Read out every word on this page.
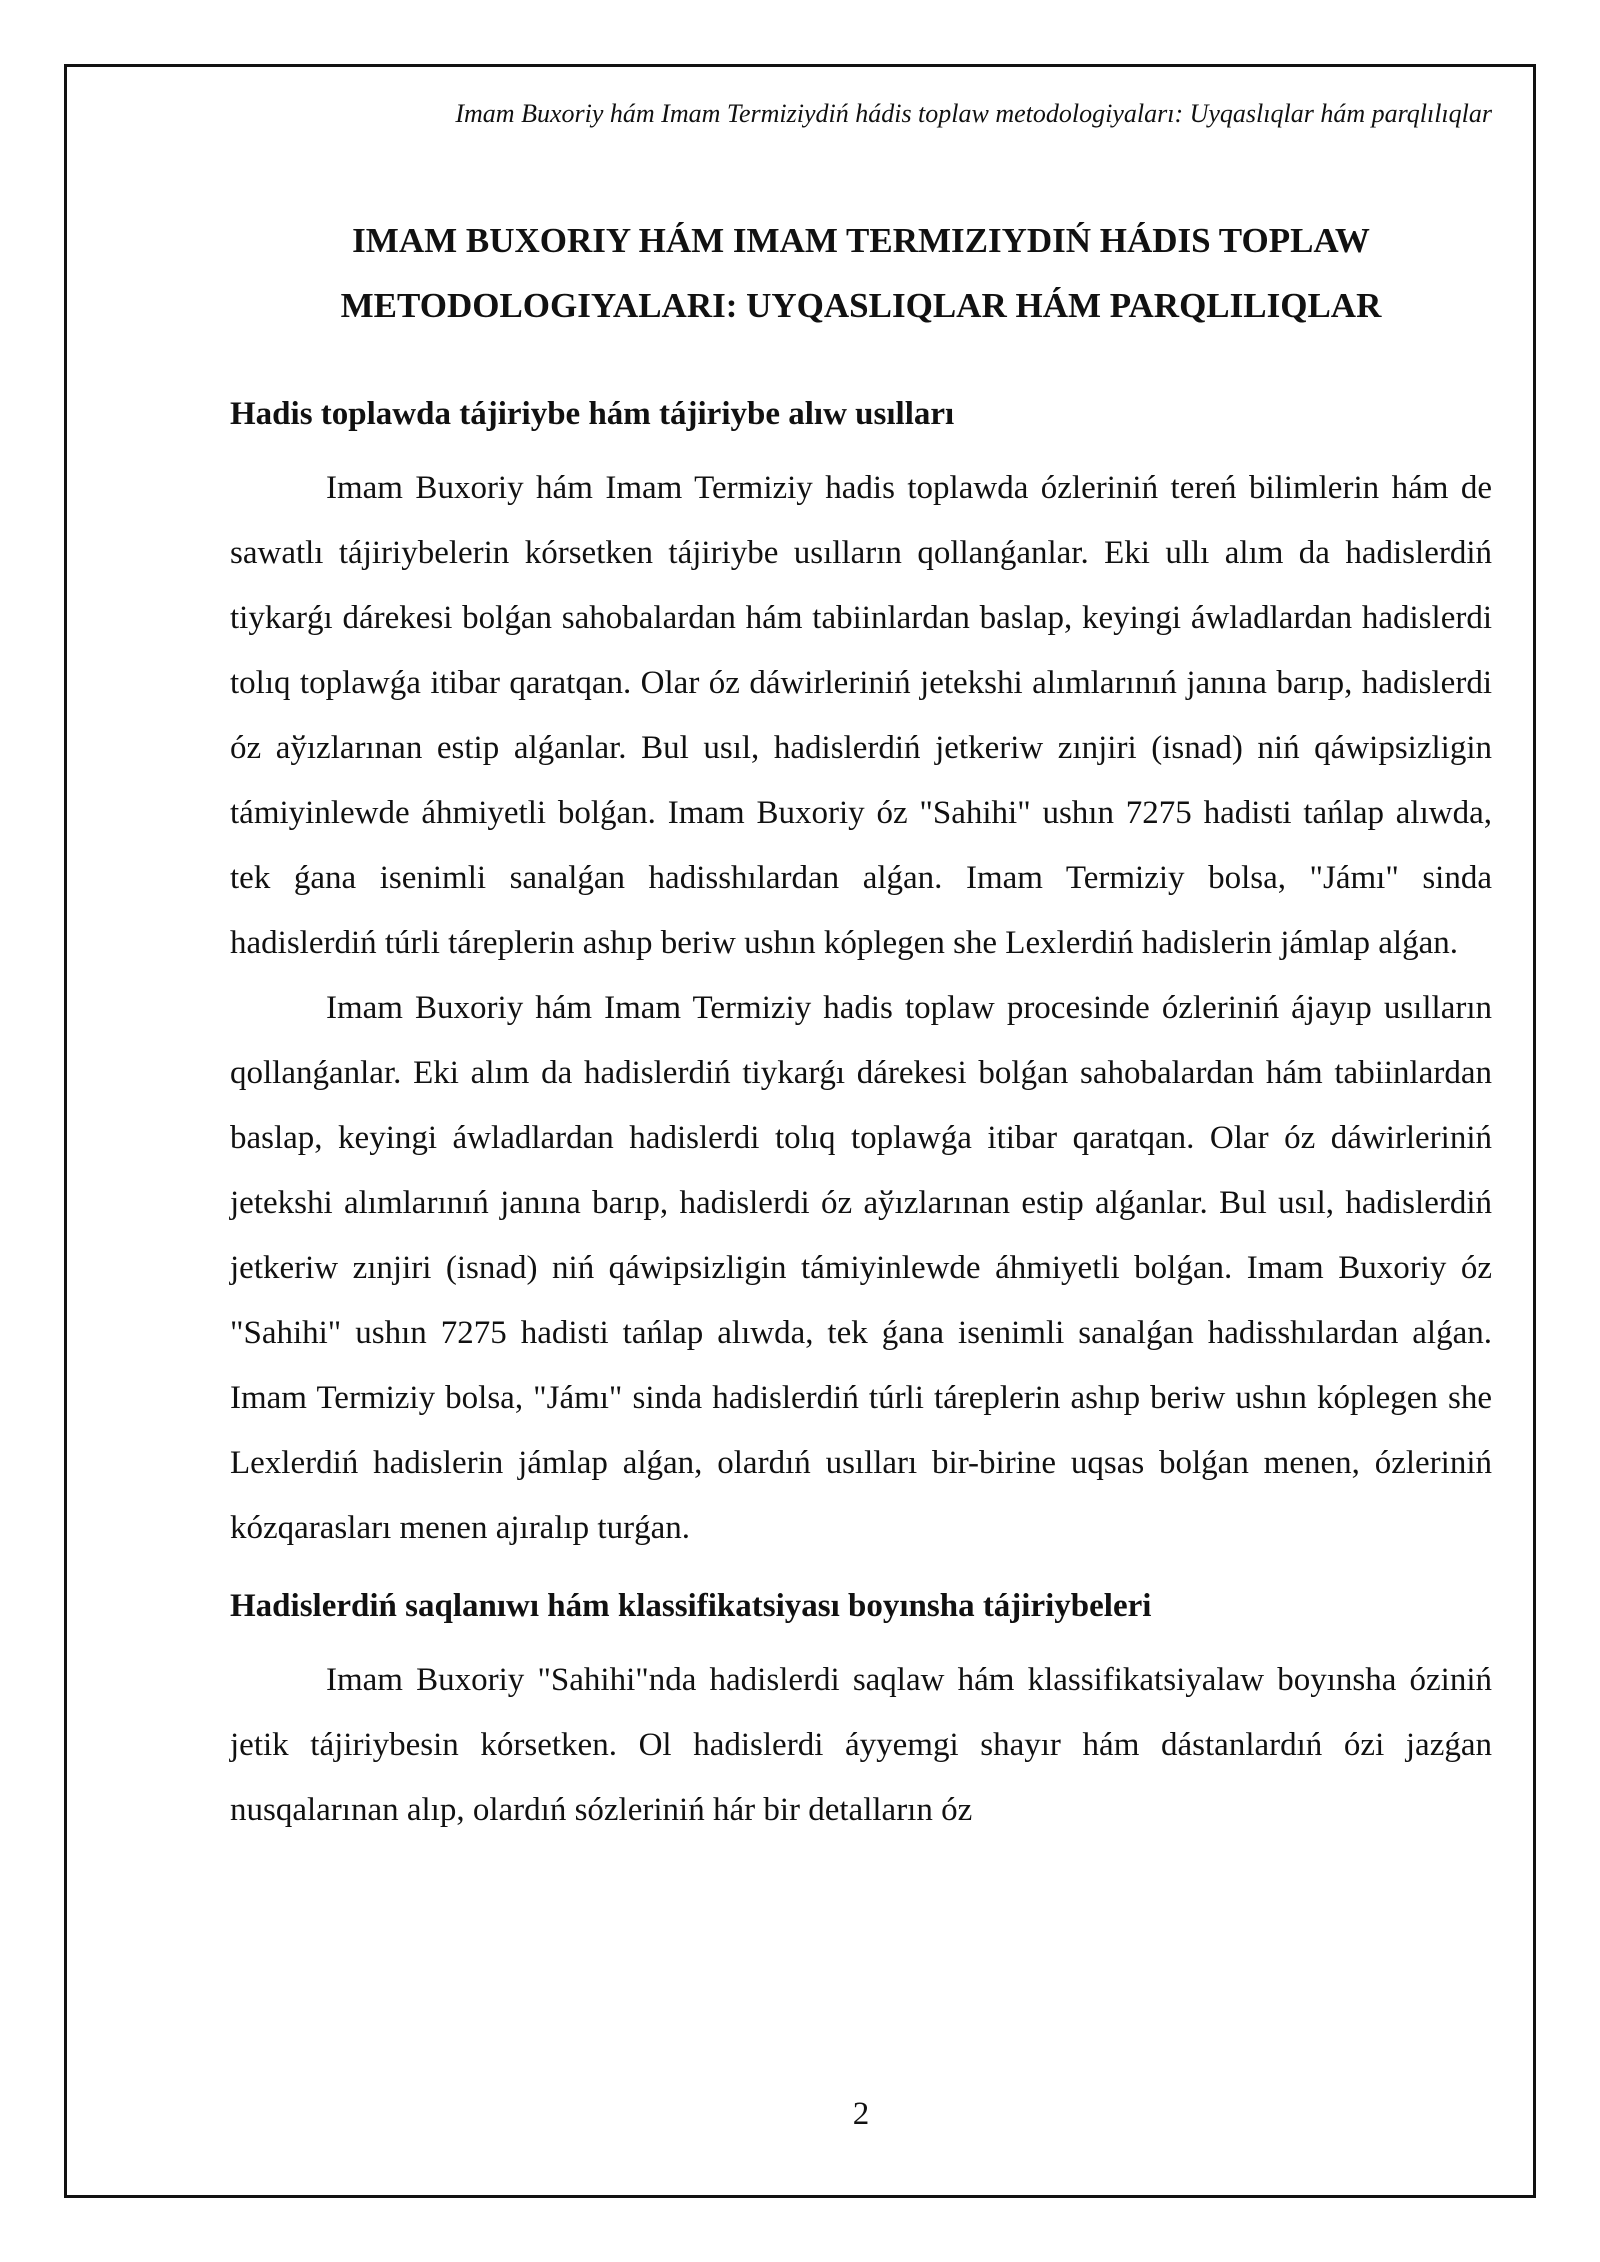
Imam Buxoriy hám Imam Termiziydiń hádis toplaw metodologiyaları: Uyqaslıqlar hám parqlılıqlar
IMAM BUXORIY HÁM IMAM TERMIZIYDIŃ HÁDIS TOPLAW
METODOLOGIYALARI: UYQASLIQLAR HÁM PARQLILIQLAR
Hadis toplawda tájiriybe hám tájiriybe alıw usılları

Imam Buxoriy hám Imam Termiziy hadis toplawda ózleriniń tereń bilimlerin hám de sawatlı tájiriybelerin kórsetken tájiriybe usılların qollanǵanlar. Eki ullı alım da hadislerdiń tiykarǵı dárekesi bolǵan sahobalardan hám tabiinlardan baslap, keyingi áwladlardan hadislerdi tolıq toplawǵa itibar qaratqan. Olar óz dáwirleriniń jetekshi alımlarınıń janına barıp, hadislerdi óz aўızlarınan estip alǵanlar. Bul usıl, hadislerdiń jetkeriw zınjiri (isnad) niń qáwipsizligin támiyinlewde áhmiyetli bolǵan. Imam Buxoriy óz "Sahihi" ushın 7275 hadisti tańlap alıwda, tek ǵana isenimli sanalǵan hadisshılardan alǵan. Imam Termiziy bolsa, "Jámı" sinda hadislerdiń túrli táreplerin ashıp beriw ushın kóplegen she Lexlerdiń hadislerin jámlap alǵan.

Imam Buxoriy hám Imam Termiziy hadis toplaw procesinde ózleriniń ájayıp usılların qollanǵanlar. Eki alım da hadislerdiń tiykarǵı dárekesi bolǵan sahobalardan hám tabiinlardan baslap, keyingi áwladlardan hadislerdi tolıq toplawǵa itibar qaratqan. Olar óz dáwirleriniń jetekshi alımlarınıń janına barıp, hadislerdi óz aўızlarınan estip alǵanlar. Bul usıl, hadislerdiń jetkeriw zınjiri (isnad) niń qáwipsizligin támiyinlewde áhmiyetli bolǵan. Imam Buxoriy óz "Sahihi" ushın 7275 hadisti tańlap alıwda, tek ǵana isenimli sanalǵan hadisshılardan alǵan. Imam Termiziy bolsa, "Jámı" sinda hadislerdiń túrli táreplerin ashıp beriw ushın kóplegen she Lexlerdiń hadislerin jámlap alǵan, olardıń usılları bir-birine uqsas bolǵan menen, ózleriniń kózqarasları menen ajıralıp turǵan.

Hadislerdiń saqlanıwı hám klassifikatsiyası boyınsha tájiriybeleri

Imam Buxoriy "Sahihi"nda hadislerdi saqlaw hám klassifikatsiyalaw boyınsha óziniń jetik tájiriybesin kórsetken. Ol hadislerdi áyyemgi shayır hám dástanlardıń ózi jazǵan nusqalarınan alıp, olardıń sózleriniń hár bir detalların óz

2
